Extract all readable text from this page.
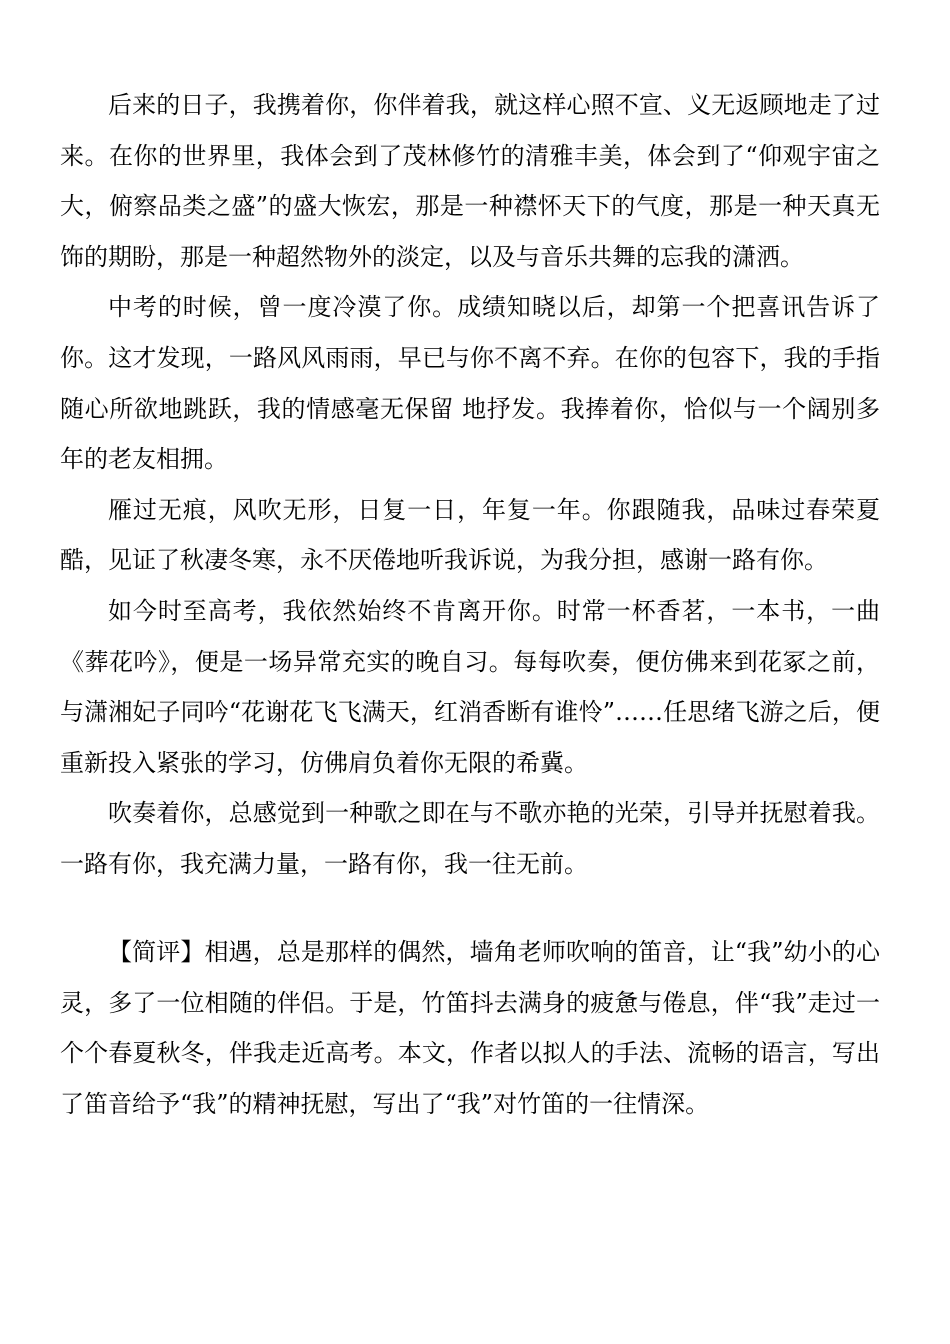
后来的日子，我携着你，你伴着我，就这样心照不宣、义无返顾地走了过来。在你的世界里，我体会到了茂林修竹的清雅丰美，体会到了“仰观宇宙之大，俯察品类之盛”的盛大恢宏，那是一种襟怀天下的气度，那是一种天真无饰的期盼，那是一种超然物外的淡定，以及与音乐共舞的忘我的潇洒。

中考的时候，曾一度冷漠了你。成绩知晓以后，却第一个把喜讯告诉了你。这才发现，一路风风雨雨，早已与你不离不弃。在你的包容下，我的手指随心所欲地跳跃，我的情感毫无保留 地抒发。我捧着你，恰似与一个阔别多年的老友相拥。

雁过无痕，风吹无形，日复一日，年复一年。你跟随我，品味过春荣夏酷，见证了秋凄冬寒，永不厌倦地听我诉说，为我分担，感谢一路有你。

如今时至高考，我依然始终不肯离开你。时常一杯香茗，一本书，一曲《葬花吟》，便是一场异常充实的晚自习。每每吹奏，便仿佛来到花冢之前，与潇湘妃子同吟“花谢花飞飞满天，红消香断有谁怜”……任思绪飞游之后，便重新投入紧张的学习，仿佛肩负着你无限的希冀。

吹奏着你，总感觉到一种歌之即在与不歌亦艳的光荣，引导并抚慰着我。一路有你，我充满力量，一路有你，我一往无前。

【简评】相遇，总是那样的偶然，墙角老师吹响的笛音，让“我”幼小的心灵，多了一位相随的伴侣。于是，竹笛抖去满身的疲惫与倦息，伴“我”走过一个个春夏秋冬，伴我走近高考。本文，作者以拟人的手法、流畅的语言，写出了笛音给予“我”的精神抚慰，写出了“我”对竹笛的一往情深。
